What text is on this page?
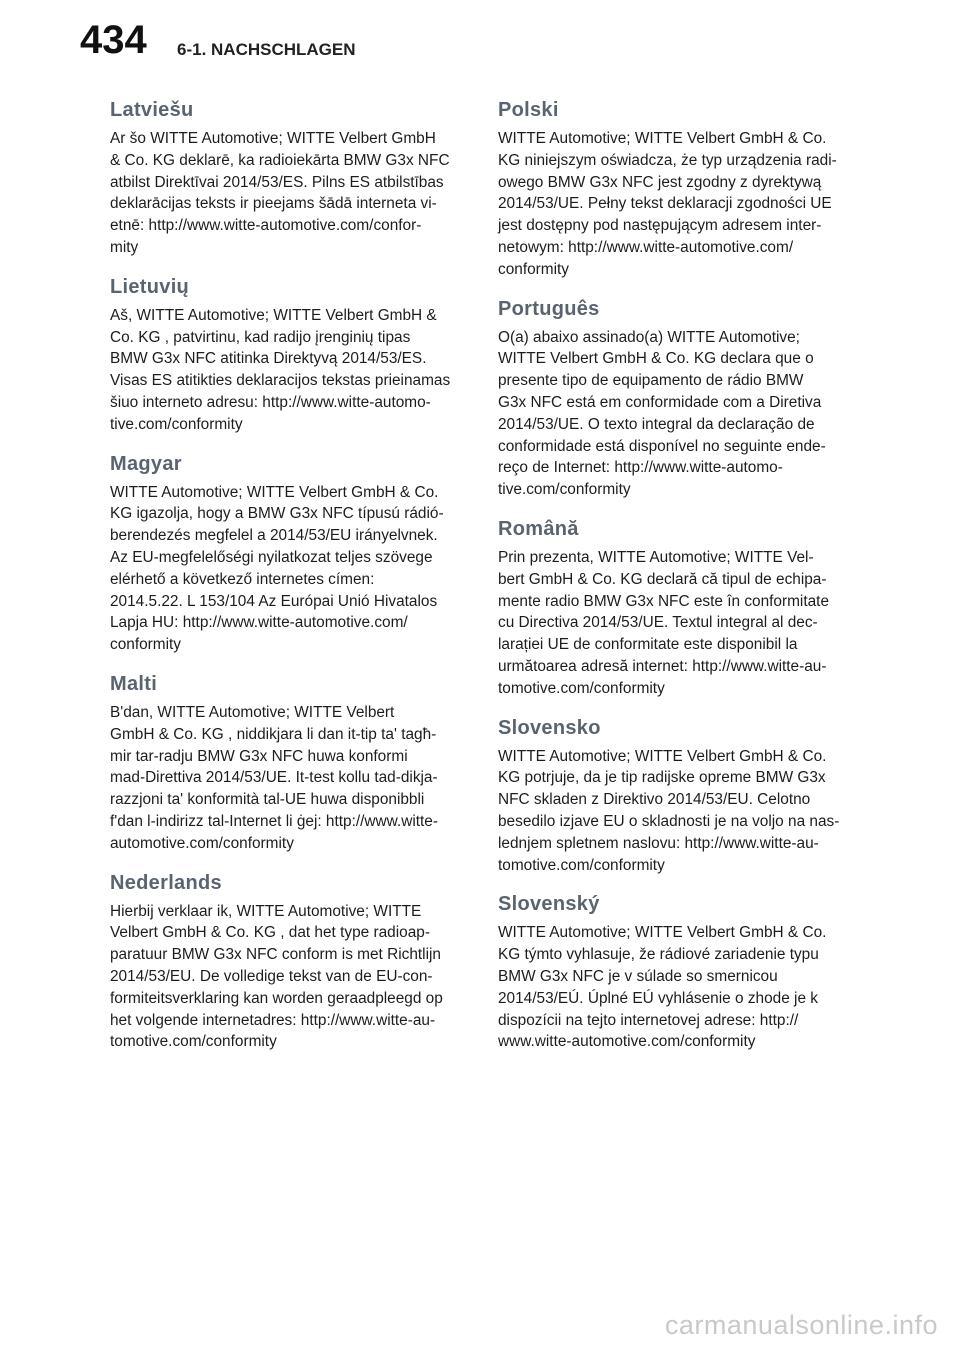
434 6-1. NACHSCHLAGEN
Latviešu

Ar šo WITTE Automotive; WITTE Velbert GmbH
& Co. KG deklarē, ka radioiekārta BMW G3x NFC
atbilst Direktīvai 2014/53/ES. Pilns ES atbilstības
deklarācijas teksts ir pieejams šādā interneta vi-
etnē: http://www.witte-automotive.com/confor-
mity

Lietuvių

Aš, WITTE Automotive; WITTE Velbert GmbH &
Co. KG , patvirtinu, kad radijo įrenginių tipas
BMW G3x NFC atitinka Direktyvą 2014/53/ES.
Visas ES atitikties deklaracijos tekstas prieinamas
šiuo interneto adresu: http://www.witte-automo-
tive.com/conformity

Magyar

WITTE Automotive; WITTE Velbert GmbH & Co.
KG igazolja, hogy a BMW G3x NFC típusú rádió-
berendezés megfelel a 2014/53/EU irányelvnek.
Az EU-megfelelőségi nyilatkozat teljes szövege
elérhető a következő internetes címen:
2014.5.22. L 153/104 Az Európai Unió Hivatalos
Lapja HU: http://www.witte-automotive.com/
conformity

Malti

B'dan, WITTE Automotive; WITTE Velbert
GmbH & Co. KG , niddikjara li dan it-tip ta' tagħ-
mir tar-radju BMW G3x NFC huwa konformi
mad-Direttiva 2014/53/UE. It-test kollu tad-dikja-
razzjoni ta' konformità tal-UE huwa disponibbli
f'dan l-indirizz tal-Internet li ġej: http://www.witte-
automotive.com/conformity

Nederlands

Hierbij verklaar ik, WITTE Automotive; WITTE
Velbert GmbH & Co. KG , dat het type radioap-
paratuur BMW G3x NFC conform is met Richtlijn
2014/53/EU. De volledige tekst van de EU-con-
formiteitsverklaring kan worden geraadpleegd op
het volgende internetadres: http://www.witte-au-
tomotive.com/conformity

Polski

WITTE Automotive; WITTE Velbert GmbH & Co.
KG niniejszym oświadcza, że typ urządzenia radi-
owego BMW G3x NFC jest zgodny z dyrektywą
2014/53/UE. Pełny tekst deklaracji zgodności UE
jest dostępny pod następującym adresem inter-
netowym: http://www.witte-automotive.com/
conformity

Português

O(a) abaixo assinado(a) WITTE Automotive;
WITTE Velbert GmbH & Co. KG declara que o
presente tipo de equipamento de rádio BMW
G3x NFC está em conformidade com a Diretiva
2014/53/UE. O texto integral da declaração de
conformidade está disponível no seguinte ende-
reço de Internet: http://www.witte-automo-
tive.com/conformity

Română

Prin prezenta, WITTE Automotive; WITTE Vel-
bert GmbH & Co. KG declară că tipul de echipa-
mente radio BMW G3x NFC este în conformitate
cu Directiva 2014/53/UE. Textul integral al dec-
larației UE de conformitate este disponibil la
următoarea adresă internet: http://www.witte-au-
tomotive.com/conformity

Slovensko

WITTE Automotive; WITTE Velbert GmbH & Co.
KG potrjuje, da je tip radijske opreme BMW G3x
NFC skladen z Direktivo 2014/53/EU. Celotno
besedilo izjave EU o skladnosti je na voljo na nas-
lednjem spletnem naslovu: http://www.witte-au-
tomotive.com/conformity

Slovenský

WITTE Automotive; WITTE Velbert GmbH & Co.
KG týmto vyhlasuje, že rádiové zariadenie typu
BMW G3x NFC je v súlade so smernicou
2014/53/EÚ. Úplné EÚ vyhlásenie o zhode je k
dispozícii na tejto internetovej adrese: http://
www.witte-automotive.com/conformity

carmanualsonline.info
